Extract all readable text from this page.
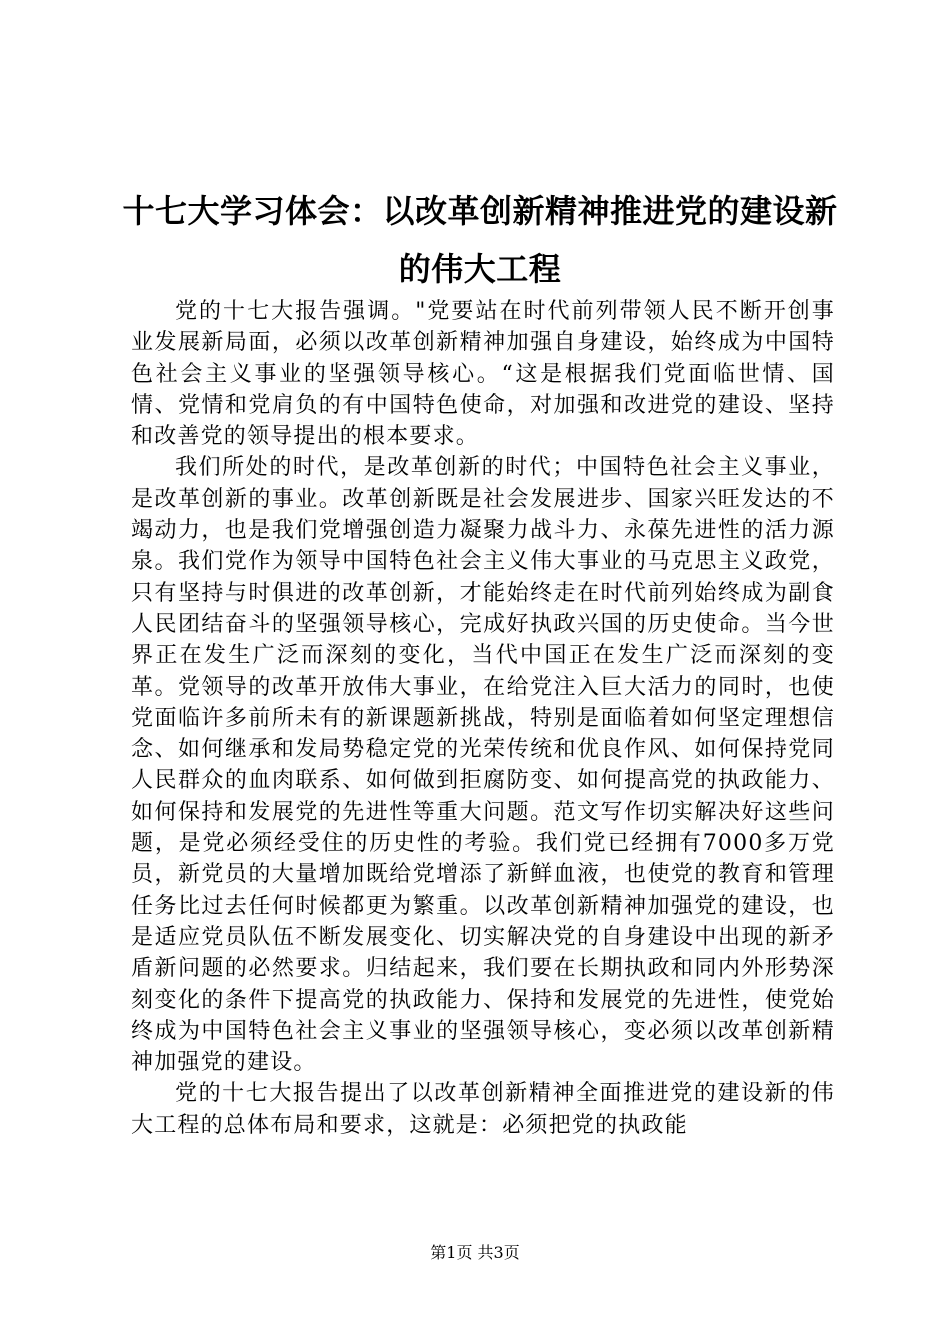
十七大学习体会：以改革创新精神推进党的建设新的伟大工程

党的十七大报告强调。"党要站在时代前列带领人民不断开创事业发展新局面，必须以改革创新精神加强自身建设，始终成为中国特色社会主义事业的坚强领导核心。“这是根据我们党面临世情、国情、党情和党肩负的有中国特色使命，对加强和改进党的建设、坚持和改善党的领导提出的根本要求。

我们所处的时代，是改革创新的时代；中国特色社会主义事业，是改革创新的事业。改革创新既是社会发展进步、国家兴旺发达的不竭动力，也是我们党增强创造力凝聚力战斗力、永葆先进性的活力源泉。我们党作为领导中国特色社会主义伟大事业的马克思主义政党，只有坚持与时俱进的改革创新，才能始终走在时代前列始终成为副食人民团结奋斗的坚强领导核心，完成好执政兴国的历史使命。当今世界正在发生广泛而深刻的变化，当代中国正在发生广泛而深刻的变革。党领导的改革开放伟大事业，在给党注入巨大活力的同时，也使党面临许多前所未有的新课题新挑战，特别是面临着如何坚定理想信念、如何继承和发局势稳定党的光荣传统和优良作风、如何保持党同人民群众的血肉联系、如何做到拒腐防变、如何提高党的执政能力、如何保持和发展党的先进性等重大问题。范文写作切实解决好这些问题，是党必须经受住的历史性的考验。我们党已经拥有7000多万党员，新党员的大量增加既给党增添了新鲜血液，也使党的教育和管理任务比过去任何时候都更为繁重。以改革创新精神加强党的建设，也是适应党员队伍不断发展变化、切实解决党的自身建设中出现的新矛盾新问题的必然要求。归结起来，我们要在长期执政和同内外形势深刻变化的条件下提高党的执政能力、保持和发展党的先进性，使党始终成为中国特色社会主义事业的坚强领导核心，变必须以改革创新精神加强党的建设。

党的十七大报告提出了以改革创新精神全面推进党的建设新的伟大工程的总体布局和要求，这就是：必须把党的执政能

第1页 共3页
